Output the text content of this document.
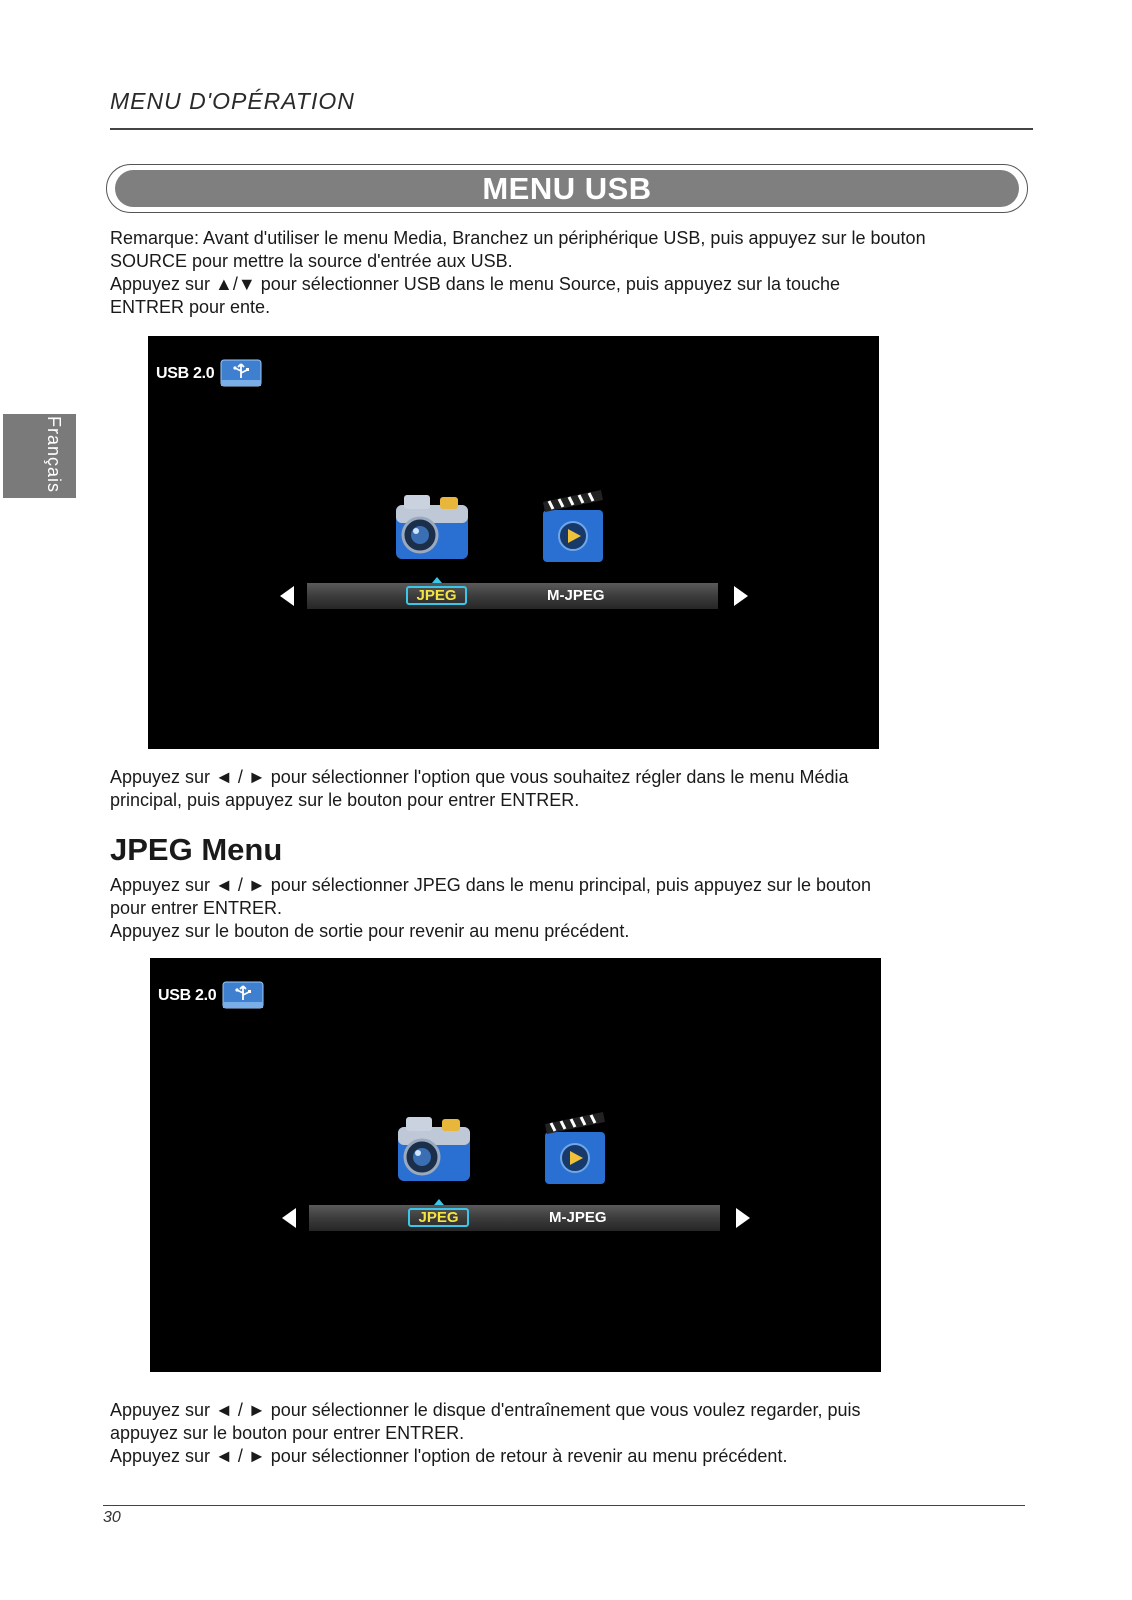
MENU D'OPÉRATION
MENU USB
Français

Remarque: Avant d'utiliser le menu Media, Branchez un périphérique USB, puis appuyez sur le bouton
SOURCE pour mettre la source d'entrée aux USB.
Appuyez sur ▲/▼ pour sélectionner USB dans le menu Source, puis appuyez sur la touche
ENTRER pour ente.

USB 2.0
JPEG	M-JPEG

Appuyez sur ◄ / ► pour sélectionner l'option que vous souhaitez régler dans le menu Média
principal, puis appuyez sur le bouton pour entrer ENTRER.

JPEG Menu

Appuyez sur ◄ / ► pour sélectionner JPEG dans le menu principal, puis appuyez sur le bouton
pour entrer ENTRER.
Appuyez sur le bouton de sortie pour revenir au menu précédent.

USB 2.0
JPEG	M-JPEG

Appuyez sur ◄ / ► pour sélectionner le disque d'entraînement que vous voulez regarder, puis
appuyez sur le bouton pour entrer ENTRER.
Appuyez sur ◄ / ► pour sélectionner l'option de retour à revenir au menu précédent.

30
